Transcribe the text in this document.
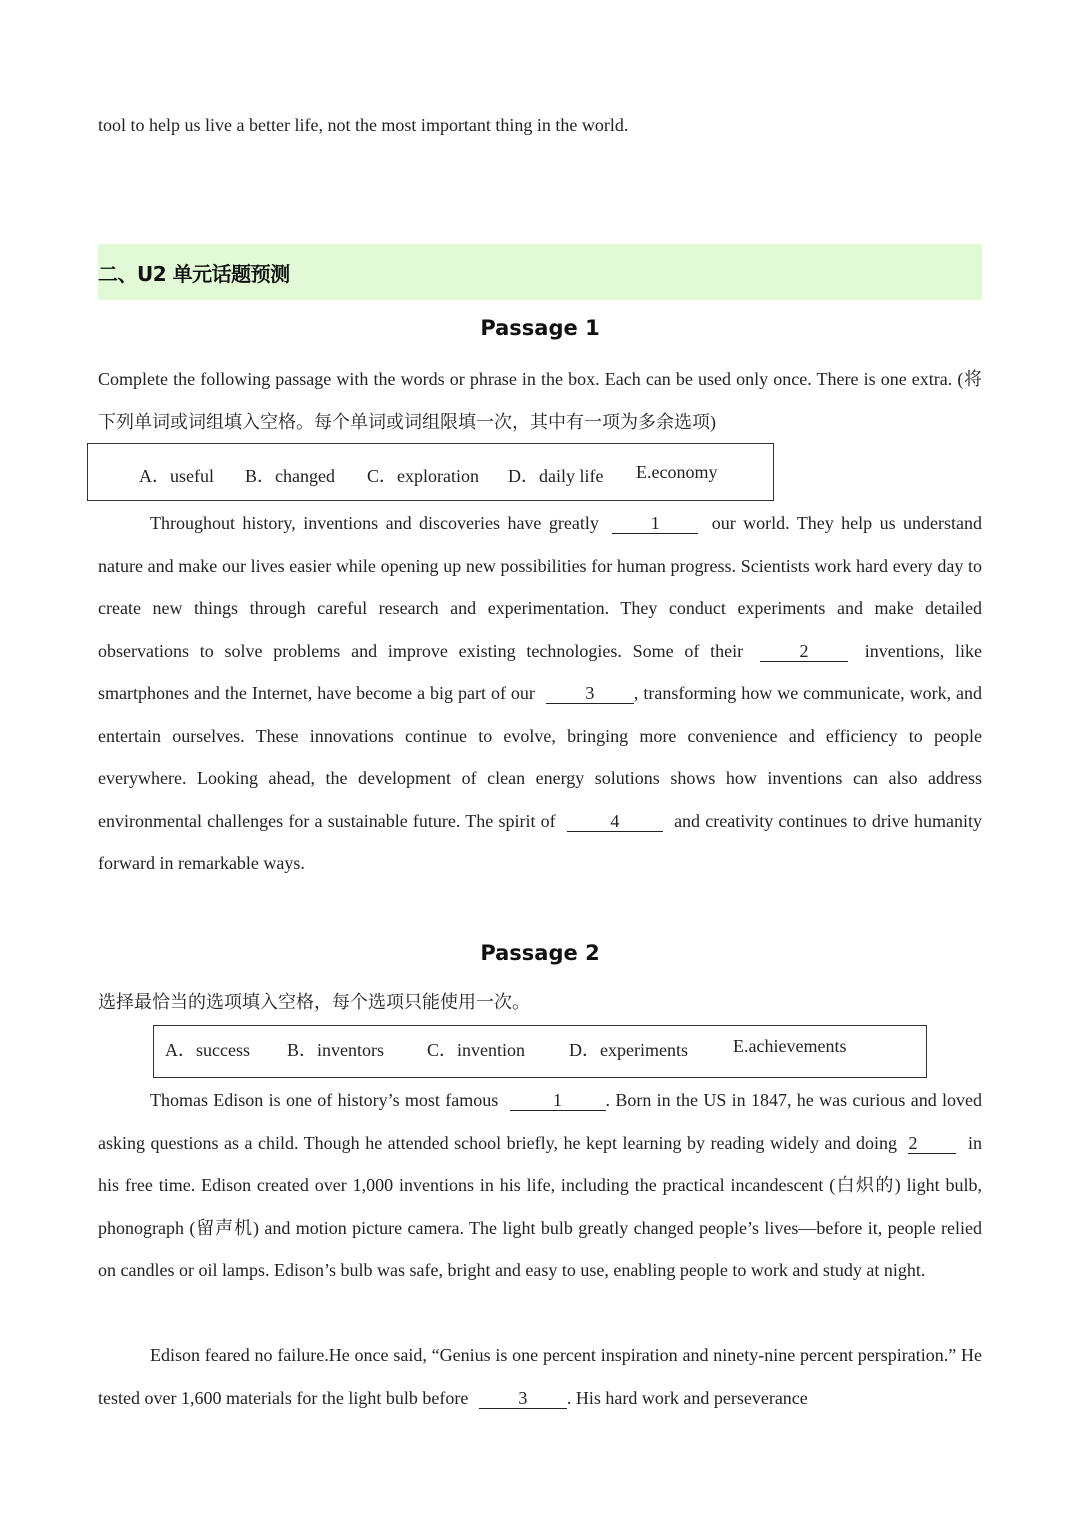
tool to help us live a better life, not the most important thing in the world.
二、U2 单元话题预测
Passage 1
Complete the following passage with the words or phrase in the box. Each can be used only once. There is one extra. (将下列单词或词组填入空格。每个单词或词组限填一次，其中有一项为多余选项)
A．useful B．changed C．exploration D．daily life E.economy
Throughout history, inventions and discoveries have greatly	1	our world. They help us understand nature and make our lives easier while opening up new possibilities for human progress. Scientists work hard every day to create new things through careful research and experimentation. They conduct experiments and make detailed observations to solve problems and improve existing technologies. Some of their	2	inventions, like smartphones and the Internet, have become a big part of our	3 , transforming how we communicate, work, and entertain ourselves. These innovations continue to evolve, bringing more convenience and efficiency to people everywhere. Looking ahead, the development of clean energy solutions shows how inventions can also address environmental challenges for a sustainable future. The spirit of	4	and creativity continues to drive humanity forward in remarkable ways.
Passage 2
选择最恰当的选项填入空格，每个选项只能使用一次。
A．success B．inventors C．invention D．experiments	E.achievements
Thomas Edison is one of history’s most famous	1 . Born in the US in 1847, he was curious and loved asking questions as a child. Though he attended school briefly, he kept learning by reading widely and doing 2	in his free time. Edison created over 1,000 inventions in his life, including the practical incandescent (白炽的) light bulb, phonograph (留声机) and motion picture camera. The light bulb greatly changed people’s lives—before it, people relied on candles or oil lamps. Edison’s bulb was safe, bright and easy to use, enabling people to work and study at night.
Edison feared no failure.He once said, “Genius is one percent inspiration and ninety-nine percent perspiration.” He tested over 1,600 materials for the light bulb before	3 . His hard work and perseverance
